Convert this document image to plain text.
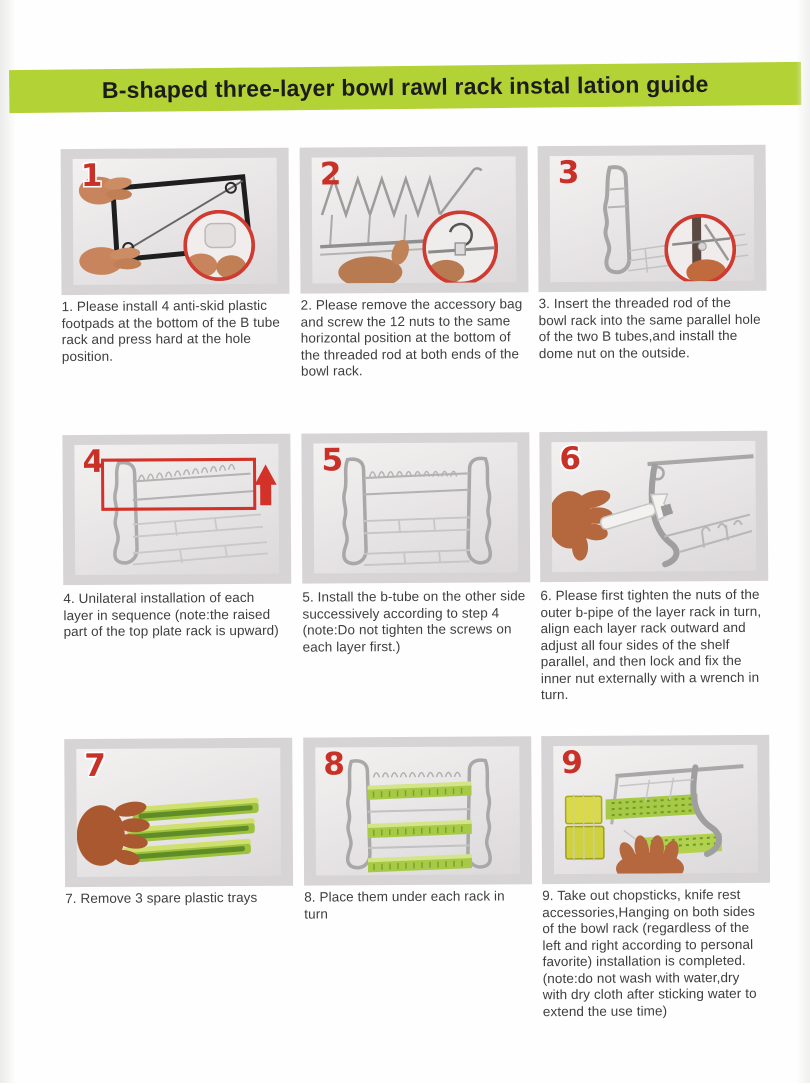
B-shaped three-layer bowl rawl rack instal lation guide
1

1. Please install 4 anti-skid plastic footpads at the bottom of the B tube rack and press hard at the hole position.

2

2. Please remove the accessory bag and screw the 12 nuts to the same horizontal position at the bottom of the threaded rod at both ends of the bowl rack.

3

3. Insert the threaded rod of the bowl rack into the same parallel hole of the two B tubes,and install the dome nut on the outside.

4

4. Unilateral installation of each layer in sequence (note:the raised part of the top plate rack is upward)

5

5. Install the b-tube on the other side successively according to step 4 (note:Do not tighten the screws on each layer first.)

6

6. Please first tighten the nuts of the outer b-pipe of the layer rack in turn, align each layer rack outward and adjust all four sides of the shelf parallel, and then lock and fix the inner nut externally with a wrench in turn.

7

7. Remove 3 spare plastic trays

8

8. Place them under each rack in turn

9

9. Take out chopsticks, knife rest accessories,Hanging on both sides of the bowl rack (regardless of the left and right according to personal favorite) installation is completed. (note:do not wash with water,dry with dry cloth after sticking water to extend the use time)
